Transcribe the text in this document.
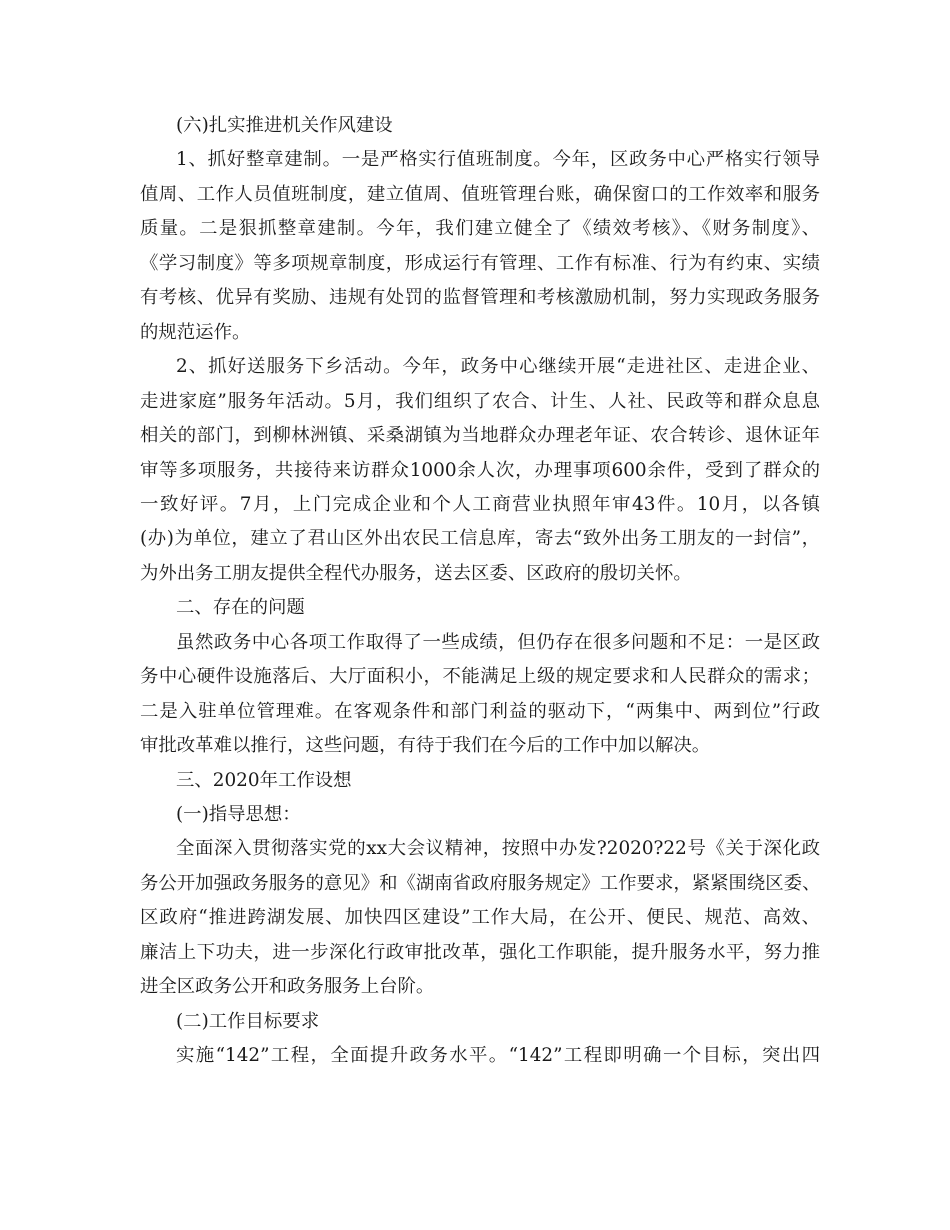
(六)扎实推进机关作风建设
1、抓好整章建制。一是严格实行值班制度。今年，区政务中心严格实行领导
值周、工作人员值班制度，建立值周、值班管理台账，确保窗口的工作效率和服务
质量。二是狠抓整章建制。今年，我们建立健全了《绩效考核》、《财务制度》、
《学习制度》等多项规章制度，形成运行有管理、工作有标准、行为有约束、实绩
有考核、优异有奖励、违规有处罚的监督管理和考核激励机制，努力实现政务服务
的规范运作。
2、抓好送服务下乡活动。今年，政务中心继续开展“走进社区、走进企业、
走进家庭”服务年活动。5月，我们组织了农合、计生、人社、民政等和群众息息
相关的部门，到柳林洲镇、采桑湖镇为当地群众办理老年证、农合转诊、退休证年
审等多项服务，共接待来访群众1000余人次，办理事项600余件，受到了群众的
一致好评。7月，上门完成企业和个人工商营业执照年审43件。10月，以各镇
(办)为单位，建立了君山区外出农民工信息库，寄去“致外出务工朋友的一封信”，
为外出务工朋友提供全程代办服务，送去区委、区政府的殷切关怀。
二、存在的问题
虽然政务中心各项工作取得了一些成绩，但仍存在很多问题和不足：一是区政
务中心硬件设施落后、大厅面积小，不能满足上级的规定要求和人民群众的需求；
二是入驻单位管理难。在客观条件和部门利益的驱动下，“两集中、两到位”行政
审批改革难以推行，这些问题，有待于我们在今后的工作中加以解决。
三、2020年工作设想
(一)指导思想：
全面深入贯彻落实党的xx大会议精神，按照中办发?2020?22号《关于深化政
务公开加强政务服务的意见》和《湖南省政府服务规定》工作要求，紧紧围绕区委、
区政府“推进跨湖发展、加快四区建设”工作大局，在公开、便民、规范、高效、
廉洁上下功夫，进一步深化行政审批改革，强化工作职能，提升服务水平，努力推
进全区政务公开和政务服务上台阶。
(二)工作目标要求
实施“142”工程，全面提升政务水平。“142”工程即明确一个目标，突出四
